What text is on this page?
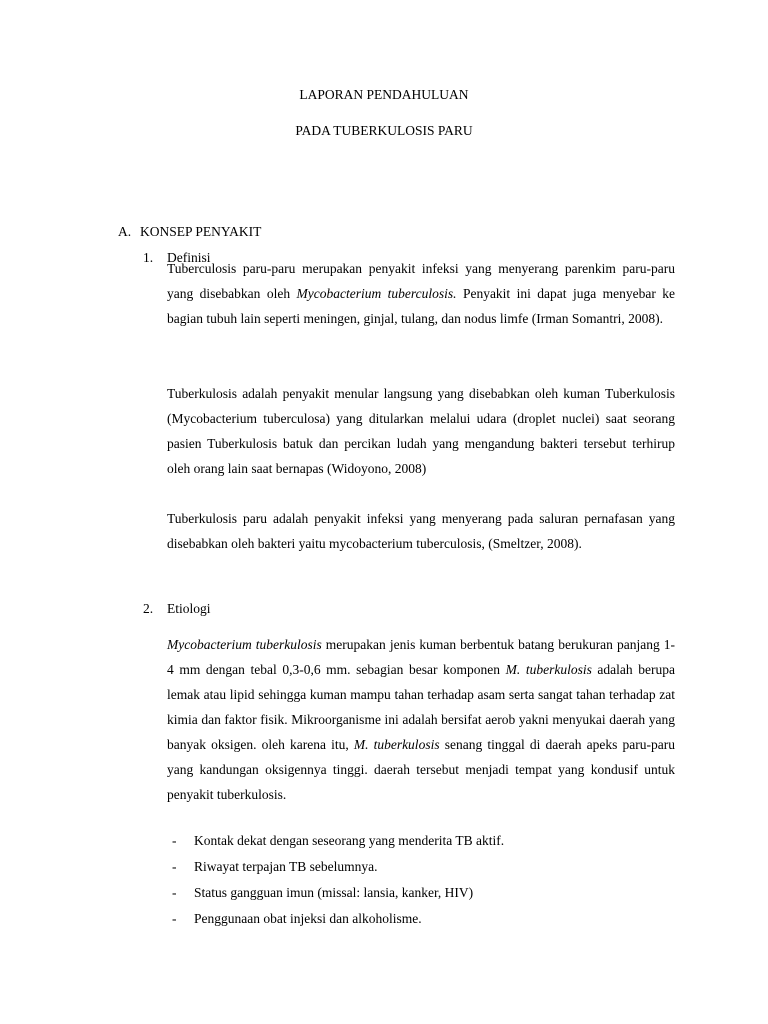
LAPORAN PENDAHULUAN
PADA TUBERKULOSIS PARU
A. KONSEP PENYAKIT
1. Definisi

Tuberculosis paru-paru merupakan penyakit infeksi yang menyerang parenkim paru-paru yang disebabkan oleh Mycobacterium tuberculosis. Penyakit ini dapat juga menyebar ke bagian tubuh lain seperti meningen, ginjal, tulang, dan nodus limfe (Irman Somantri, 2008).

Tuberkulosis adalah penyakit menular langsung yang disebabkan oleh kuman Tuberkulosis (Mycobacterium tuberculosa) yang ditularkan melalui udara (droplet nuclei) saat seorang pasien Tuberkulosis batuk dan percikan ludah yang mengandung bakteri tersebut terhirup oleh orang lain saat bernapas (Widoyono, 2008)

Tuberkulosis paru adalah penyakit infeksi yang menyerang pada saluran pernafasan yang disebabkan oleh bakteri yaitu mycobacterium tuberculosis, (Smeltzer, 2008).

2. Etiologi

Mycobacterium tuberkulosis merupakan jenis kuman berbentuk batang berukuran panjang 1-4 mm dengan tebal 0,3-0,6 mm. sebagian besar komponen M. tuberkulosis adalah berupa lemak atau lipid sehingga kuman mampu tahan terhadap asam serta sangat tahan terhadap zat kimia dan faktor fisik. Mikroorganisme ini adalah bersifat aerob yakni menyukai daerah yang banyak oksigen. oleh karena itu, M. tuberkulosis senang tinggal di daerah apeks paru-paru yang kandungan oksigennya tinggi. daerah tersebut menjadi tempat yang kondusif untuk penyakit tuberkulosis.

- Kontak dekat dengan seseorang yang menderita TB aktif.
- Riwayat terpajan TB sebelumnya.
- Status gangguan imun (missal: lansia, kanker, HIV)
- Penggunaan obat injeksi dan alkoholisme.
